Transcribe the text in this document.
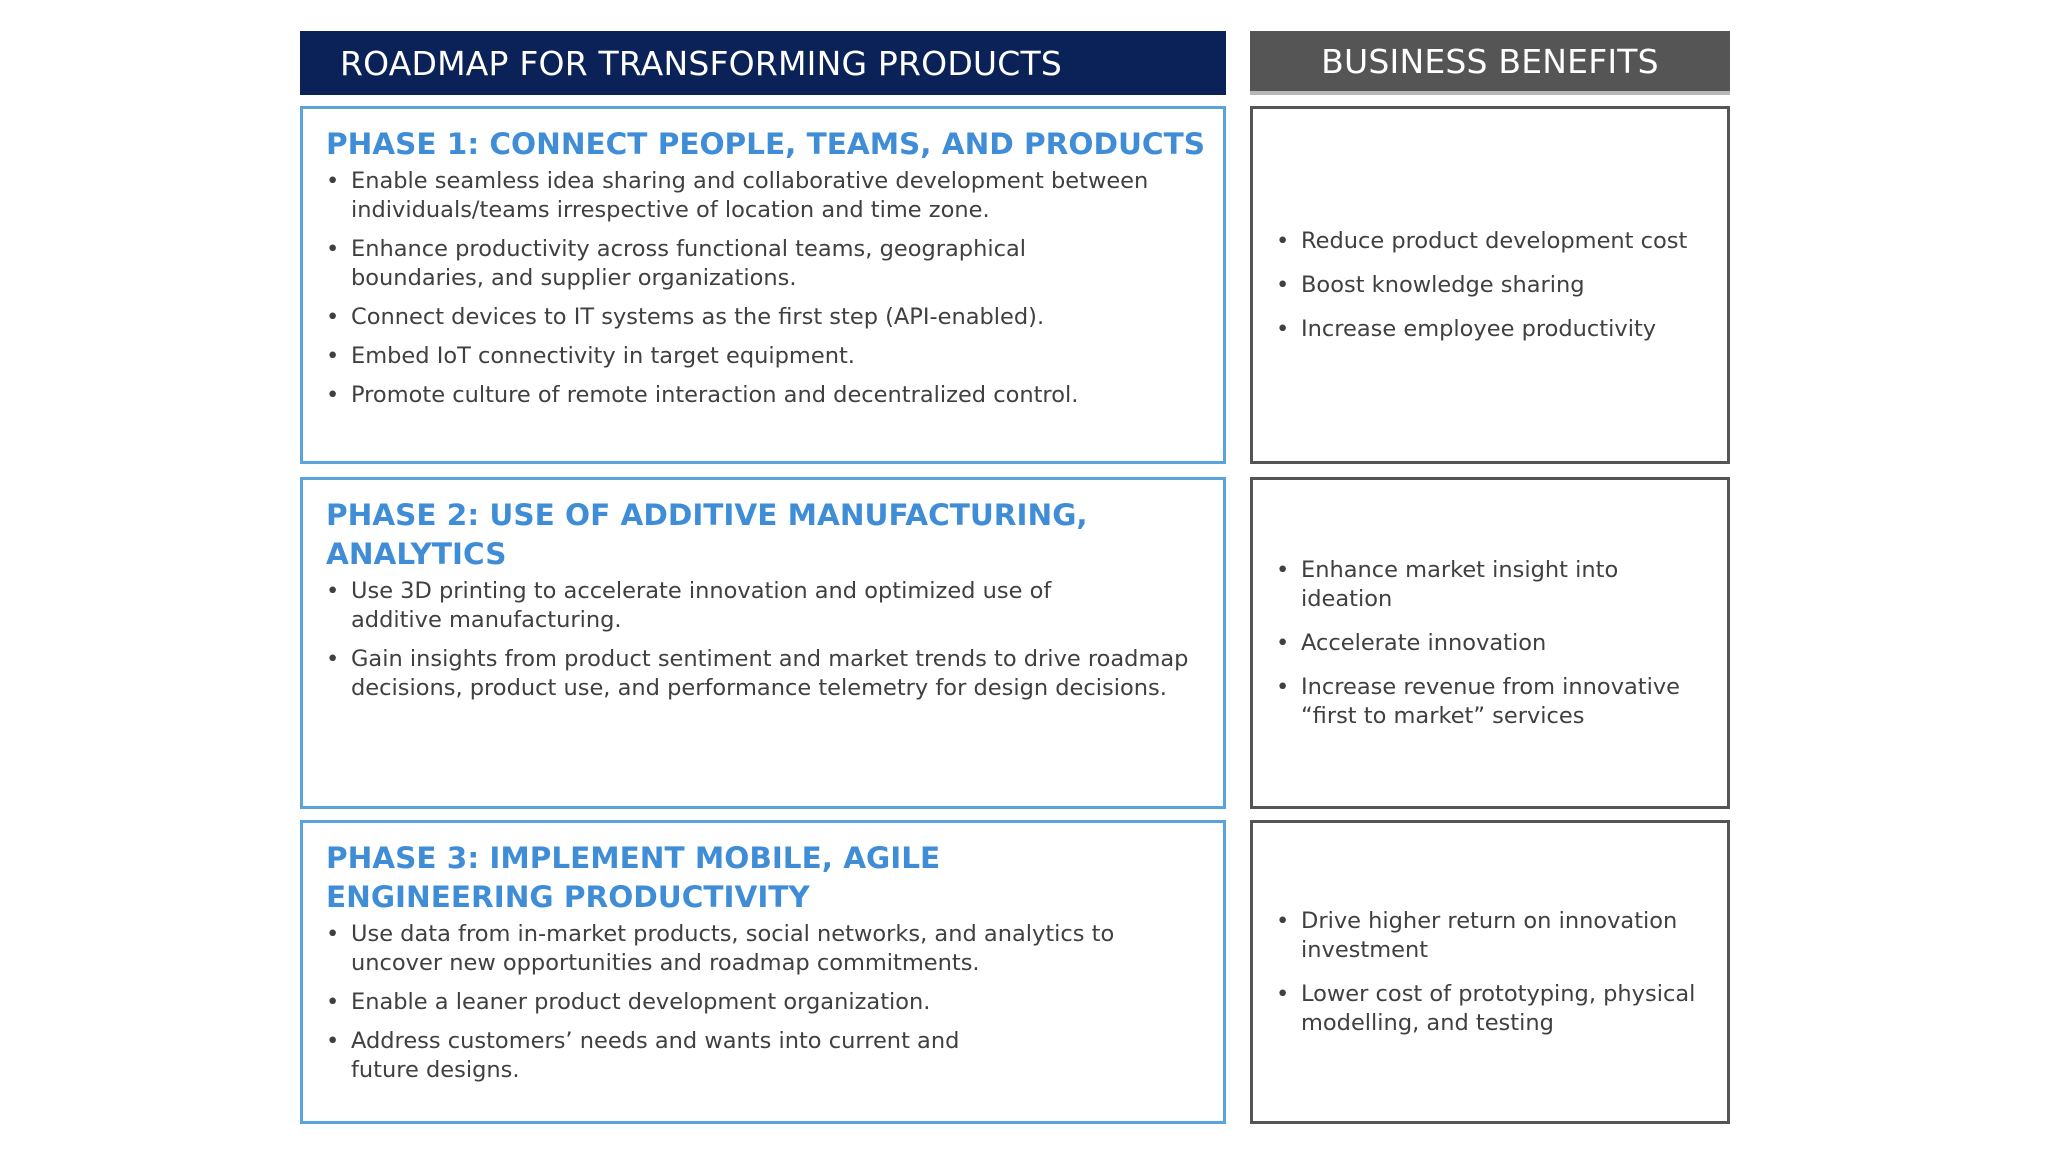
ROADMAP FOR TRANSFORMING PRODUCTS	BUSINESS BENEFITS
PHASE 1: CONNECT PEOPLE, TEAMS, AND PRODUCTS
• Enable seamless idea sharing and collaborative development between individuals/teams irrespective of location and time zone.
• Enhance productivity across functional teams, geographical boundaries, and supplier organizations.
• Connect devices to IT systems as the first step (API-enabled).
• Embed IoT connectivity in target equipment.
• Promote culture of remote interaction and decentralized control.
• Reduce product development cost
• Boost knowledge sharing
• Increase employee productivity
PHASE 2: USE OF ADDITIVE MANUFACTURING, ANALYTICS
• Use 3D printing to accelerate innovation and optimized use of additive manufacturing.
• Gain insights from product sentiment and market trends to drive roadmap decisions, product use, and performance telemetry for design decisions.
• Enhance market insight into ideation
• Accelerate innovation
• Increase revenue from innovative “first to market” services
PHASE 3: IMPLEMENT MOBILE, AGILE ENGINEERING PRODUCTIVITY
• Use data from in-market products, social networks, and analytics to uncover new opportunities and roadmap commitments.
• Enable a leaner product development organization.
• Address customers’ needs and wants into current and future designs.
• Drive higher return on innovation investment
• Lower cost of prototyping, physical modelling, and testing
